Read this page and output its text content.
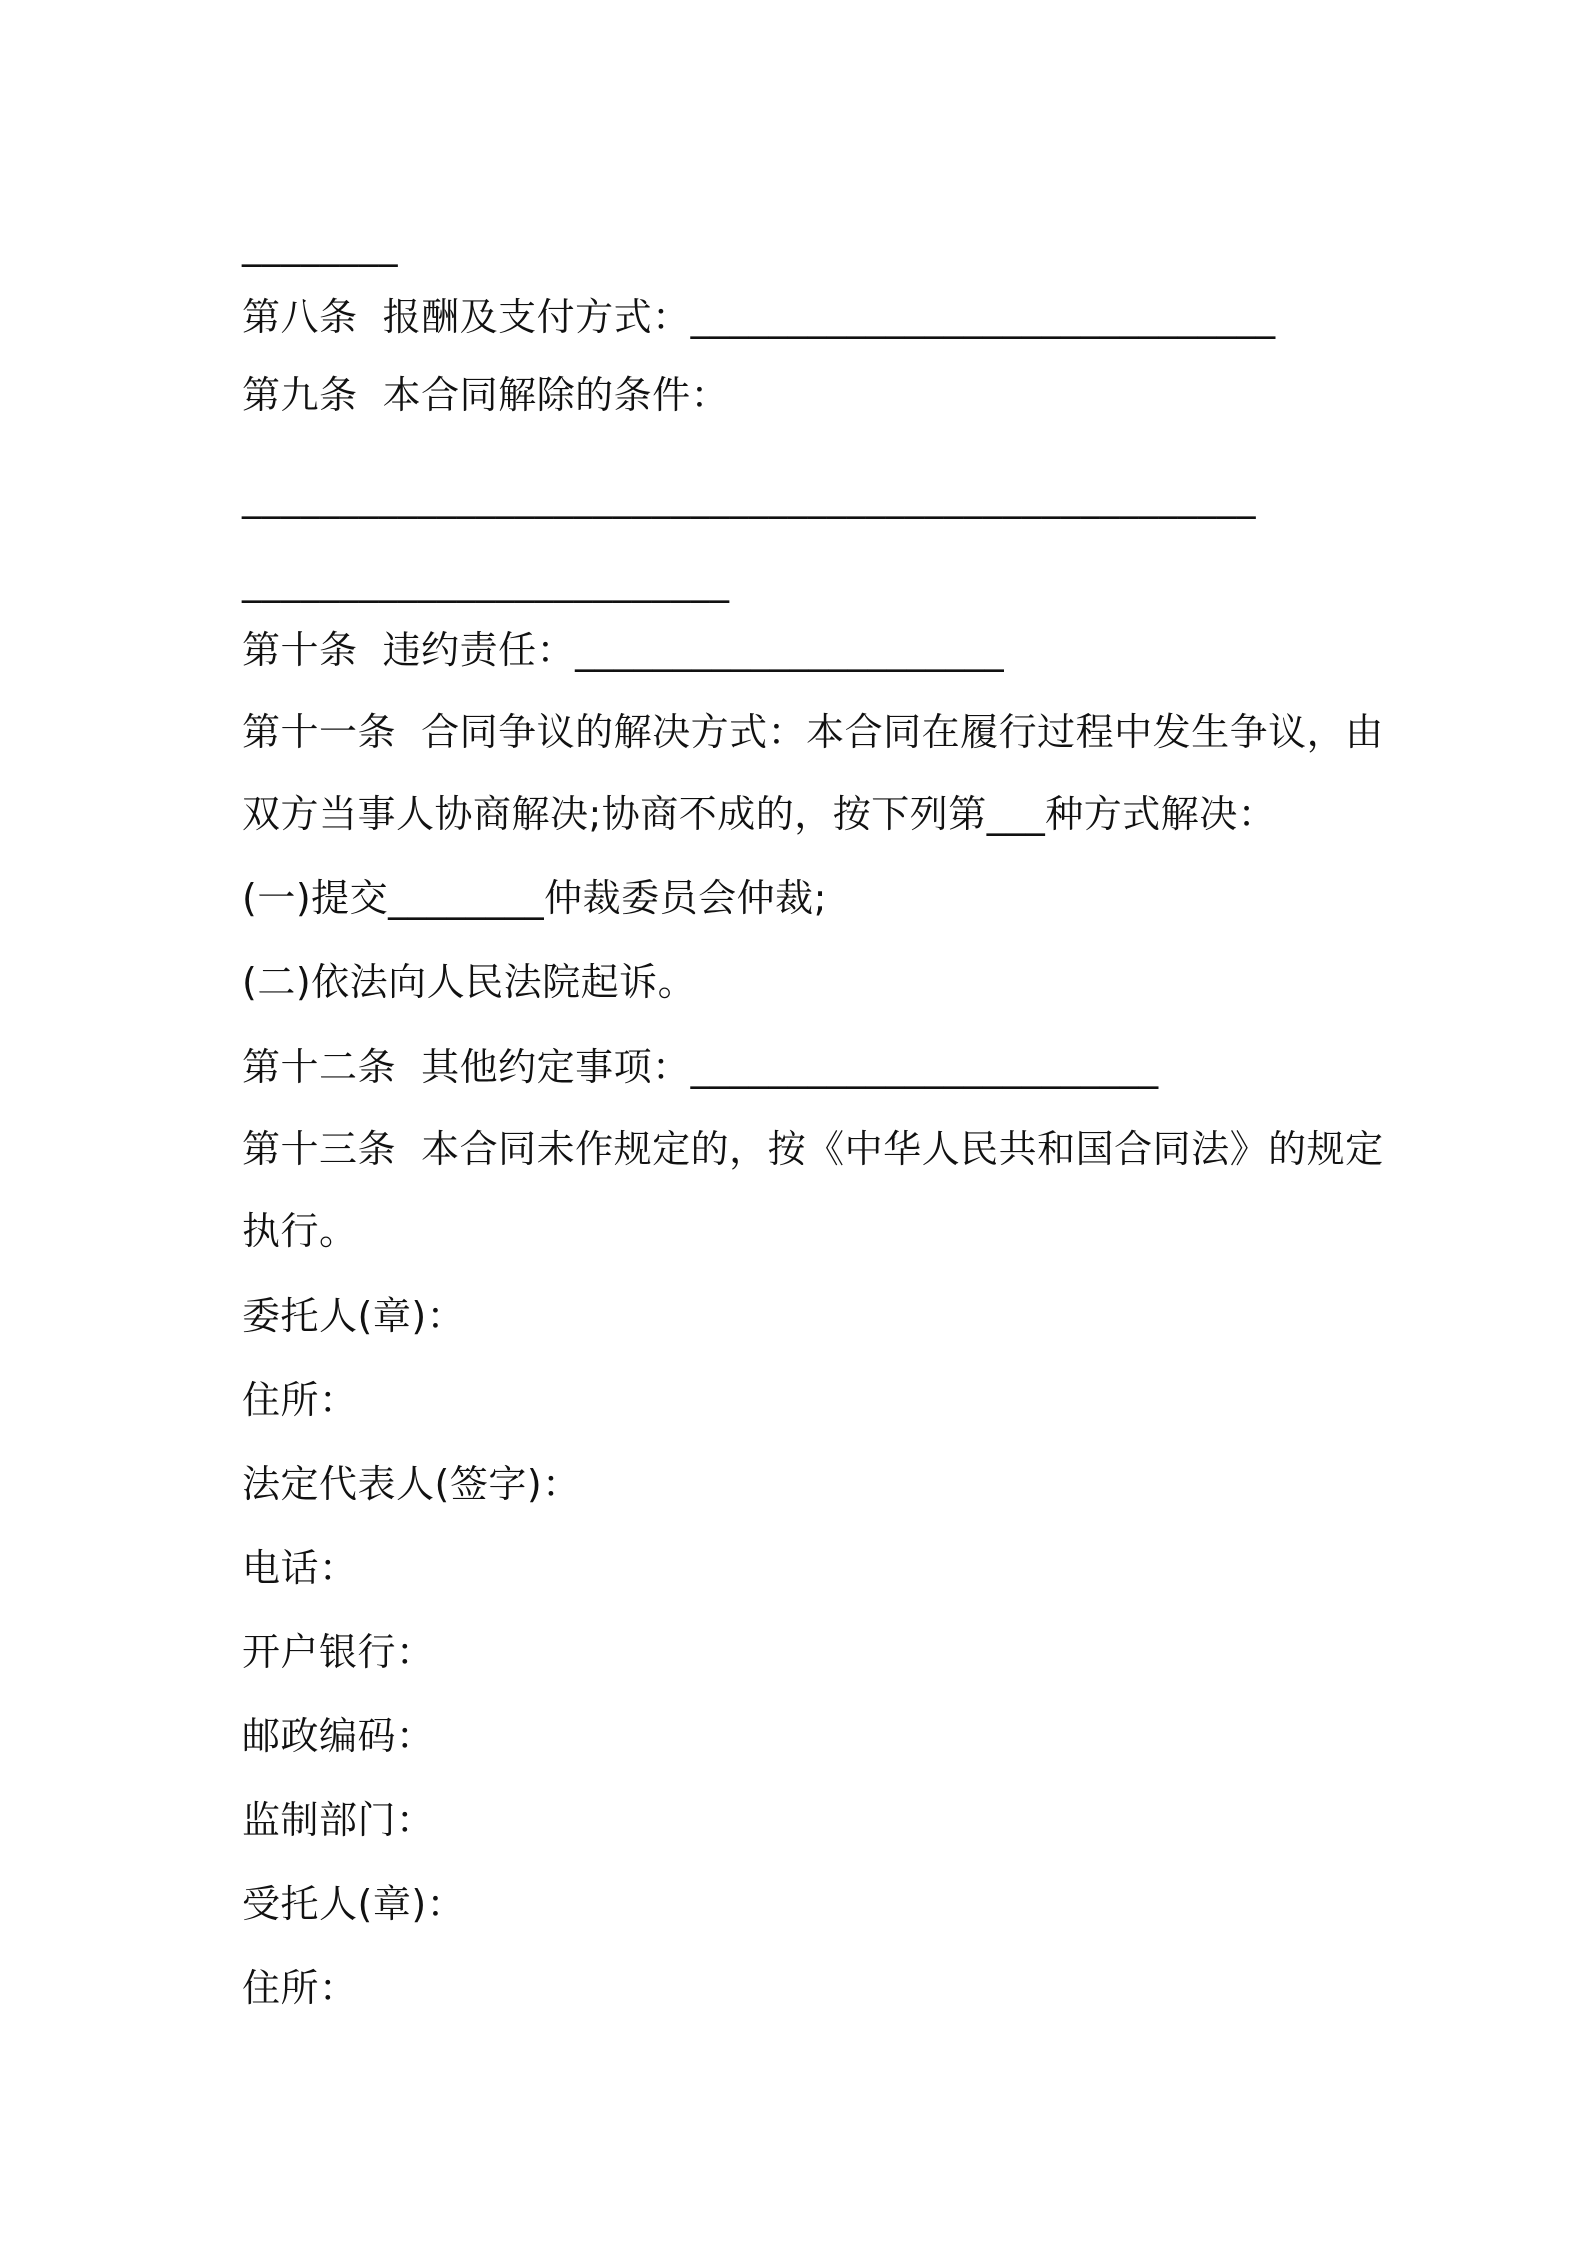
________
第八条  报酬及支付方式：______________________________
第九条  本合同解除的条件：
____________________________________________________
_________________________
第十条  违约责任：______________________
第十一条  合同争议的解决方式：本合同在履行过程中发生争议，由
双方当事人协商解决;协商不成的，按下列第___种方式解决：
(一)提交________仲裁委员会仲裁;
(二)依法向人民法院起诉。
第十二条  其他约定事项：________________________
第十三条  本合同未作规定的，按《中华人民共和国合同法》的规定
执行。
委托人(章)：
住所：
法定代表人(签字)：
电话：
开户银行：
邮政编码：
监制部门：
受托人(章)：
住所：
